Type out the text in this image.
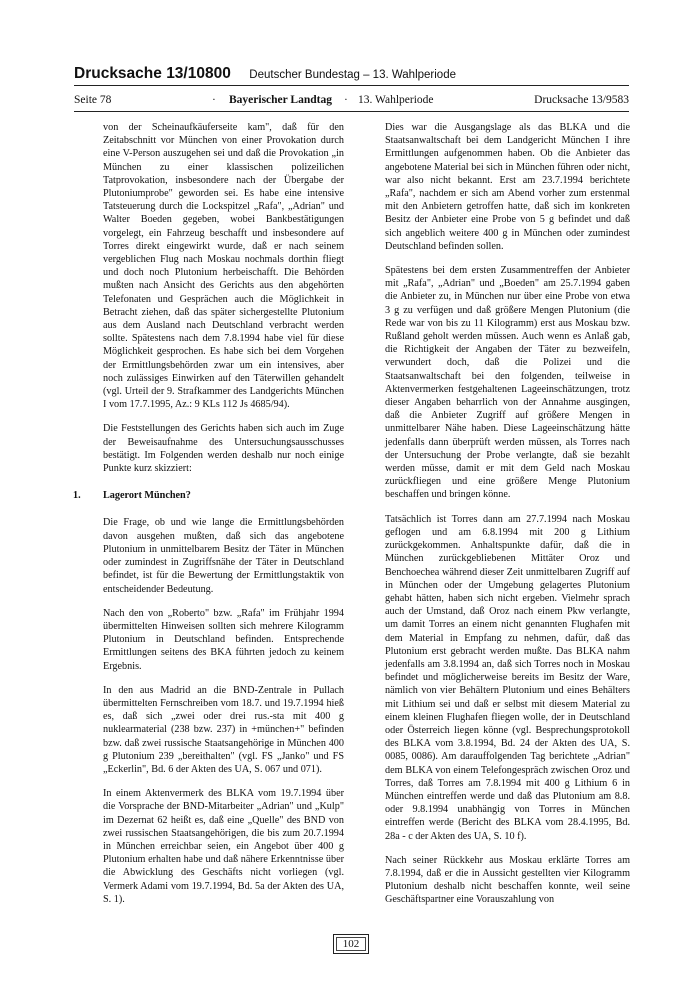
Drucksache 13/10800 Deutscher Bundestag – 13. Wahlperiode
Seite 78	· Bayerischer Landtag · 13. Wahlperiode	Drucksache 13/9583

von der Scheinaufkäuferseite kam", daß für den Zeitabschnitt vor München von einer Provokation durch eine V-Person auszugehen sei und daß die Provokation „in München zu einer klassischen polizeilichen Tatprovokation, insbesondere nach der Übergabe der Plutoniumprobe" geworden sei. Es habe eine intensive Tatsteuerung durch die Lockspitzel „Rafa", „Adrian" und Walter Boeden gegeben, wobei Bankbestätigungen vorgelegt, ein Fahrzeug beschafft und insbesondere auf Torres direkt eingewirkt wurde, daß er nach seinem vergeblichen Flug nach Moskau nochmals dorthin fliegt und doch noch Plutonium herbeischafft. Die Behörden mußten nach Ansicht des Gerichts aus den abgehörten Telefonaten und Gesprächen auch die Möglichkeit in Betracht ziehen, daß das später sichergestellte Plutonium aus dem Ausland nach Deutschland verbracht werden sollte. Spätestens nach dem 7.8.1994 habe viel für diese Möglichkeit gesprochen. Es habe sich bei dem Vorgehen der Ermittlungsbehörden zwar um ein intensives, aber noch zulässiges Einwirken auf den Täterwillen gehandelt (vgl. Urteil der 9. Strafkammer des Landgerichts München I vom 17.7.1995, Az.: 9 KLs 112 Js 4685/94).

Die Feststellungen des Gerichts haben sich auch im Zuge der Beweisaufnahme des Untersuchungsausschusses bestätigt. Im Folgenden werden deshalb nur noch einige Punkte kurz skizziert:

1. Lagerort München?

Die Frage, ob und wie lange die Ermittlungsbehörden davon ausgehen mußten, daß sich das angebotene Plutonium in unmittelbarem Besitz der Täter in München oder zumindest in Zugriffsnähe der Täter in Deutschland befindet, ist für die Bewertung der Ermittlungstaktik von entscheidender Bedeutung.

Nach den von „Roberto" bzw. „Rafa" im Frühjahr 1994 übermittelten Hinweisen sollten sich mehrere Kilogramm Plutonium in Deutschland befinden. Entsprechende Ermittlungen seitens des BKA führten jedoch zu keinem Ergebnis.

In den aus Madrid an die BND-Zentrale in Pullach übermittelten Fernschreiben vom 18.7. und 19.7.1994 hieß es, daß sich „zwei oder drei rus.-sta mit 400 g nuklearmaterial (238 bzw. 237) in +münchen+" befinden bzw. daß zwei russische Staatsangehörige in München 400 g Plutonium 239 „bereithalten" (vgl. FS „Janko" und FS „Eckerlin", Bd. 6 der Akten des UA, S. 067 und 071).

In einem Aktenvermerk des BLKA vom 19.7.1994 über die Vorsprache der BND-Mitarbeiter „Adrian" und „Kulp" im Dezernat 62 heißt es, daß eine „Quelle" des BND von zwei russischen Staatsangehörigen, die bis zum 20.7.1994 in München erreichbar seien, ein Angebot über 400 g Plutonium erhalten habe und daß nähere Erkenntnisse über die Abwicklung des Geschäfts nicht vorliegen (vgl. Vermerk Adami vom 19.7.1994, Bd. 5a der Akten des UA, S. 1).

Dies war die Ausgangslage als das BLKA und die Staatsanwaltschaft bei dem Landgericht München I ihre Ermittlungen aufgenommen haben. Ob die Anbieter das angebotene Material bei sich in München führen oder nicht, war also nicht bekannt. Erst am 23.7.1994 berichtete „Rafa", nachdem er sich am Abend vorher zum erstenmal mit den Anbietern getroffen hatte, daß sich im konkreten Besitz der Anbieter eine Probe von 5 g befindet und daß sich angeblich weitere 400 g in München oder zumindest Deutschland befinden sollen.

Spätestens bei dem ersten Zusammentreffen der Anbieter mit „Rafa", „Adrian" und „Boeden" am 25.7.1994 gaben die Anbieter zu, in München nur über eine Probe von etwa 3 g zu verfügen und daß größere Mengen Plutonium (die Rede war von bis zu 11 Kilogramm) erst aus Moskau bzw. Rußland geholt werden müssen. Auch wenn es Anlaß gab, die Richtigkeit der Angaben der Täter zu bezweifeln, verwundert doch, daß die Polizei und die Staatsanwaltschaft bei den folgenden, teilweise in Aktenvermerken festgehaltenen Lageeinschätzungen, trotz dieser Angaben beharrlich von der Annahme ausgingen, daß die Anbieter Zugriff auf größere Mengen in unmittelbarer Nähe haben. Diese Lageeinschätzung hätte jedenfalls dann überprüft werden müssen, als Torres nach der Untersuchung der Probe verlangte, daß sie bezahlt werden müsse, damit er mit dem Geld nach Moskau zurückfliegen und eine größere Menge Plutonium beschaffen und bringen könne.

Tatsächlich ist Torres dann am 27.7.1994 nach Moskau geflogen und am 6.8.1994 mit 200 g Lithium zurückgekommen. Anhaltspunkte dafür, daß die in München zurückgebliebenen Mittäter Oroz und Benchoechea während dieser Zeit unmittelbaren Zugriff auf in München oder der Umgebung gelagertes Plutonium gehabt hätten, haben sich nicht ergeben. Vielmehr sprach auch der Umstand, daß Oroz nach einem Pkw verlangte, um damit Torres an einem nicht genannten Flughafen mit dem Material in Empfang zu nehmen, dafür, daß das Plutonium erst gebracht werden mußte. Das BLKA nahm jedenfalls am 3.8.1994 an, daß sich Torres noch in Moskau befindet und möglicherweise bereits im Besitz der Ware, nämlich von vier Behältern Plutonium und eines Behälters mit Lithium sei und daß er selbst mit diesem Material zu einem kleinen Flughafen fliegen wolle, der in Deutschland oder Österreich liegen könne (vgl. Besprechungsprotokoll des BLKA vom 3.8.1994, Bd. 24 der Akten des UA, S. 0085, 0086). Am darauffolgenden Tag berichtete „Adrian" dem BLKA von einem Telefongespräch zwischen Oroz und Torres, daß Torres am 7.8.1994 mit 400 g Lithium 6 in München eintreffen werde und daß das Plutonium am 8.8. oder 9.8.1994 unabhängig von Torres in München eintreffen werde (Bericht des BLKA vom 28.4.1995, Bd. 28a - c der Akten des UA, S. 10 f).

Nach seiner Rückkehr aus Moskau erklärte Torres am 7.8.1994, daß er die in Aussicht gestellten vier Kilogramm Plutonium deshalb nicht beschaffen konnte, weil seine Geschäftspartner eine Vorauszahlung von

102
